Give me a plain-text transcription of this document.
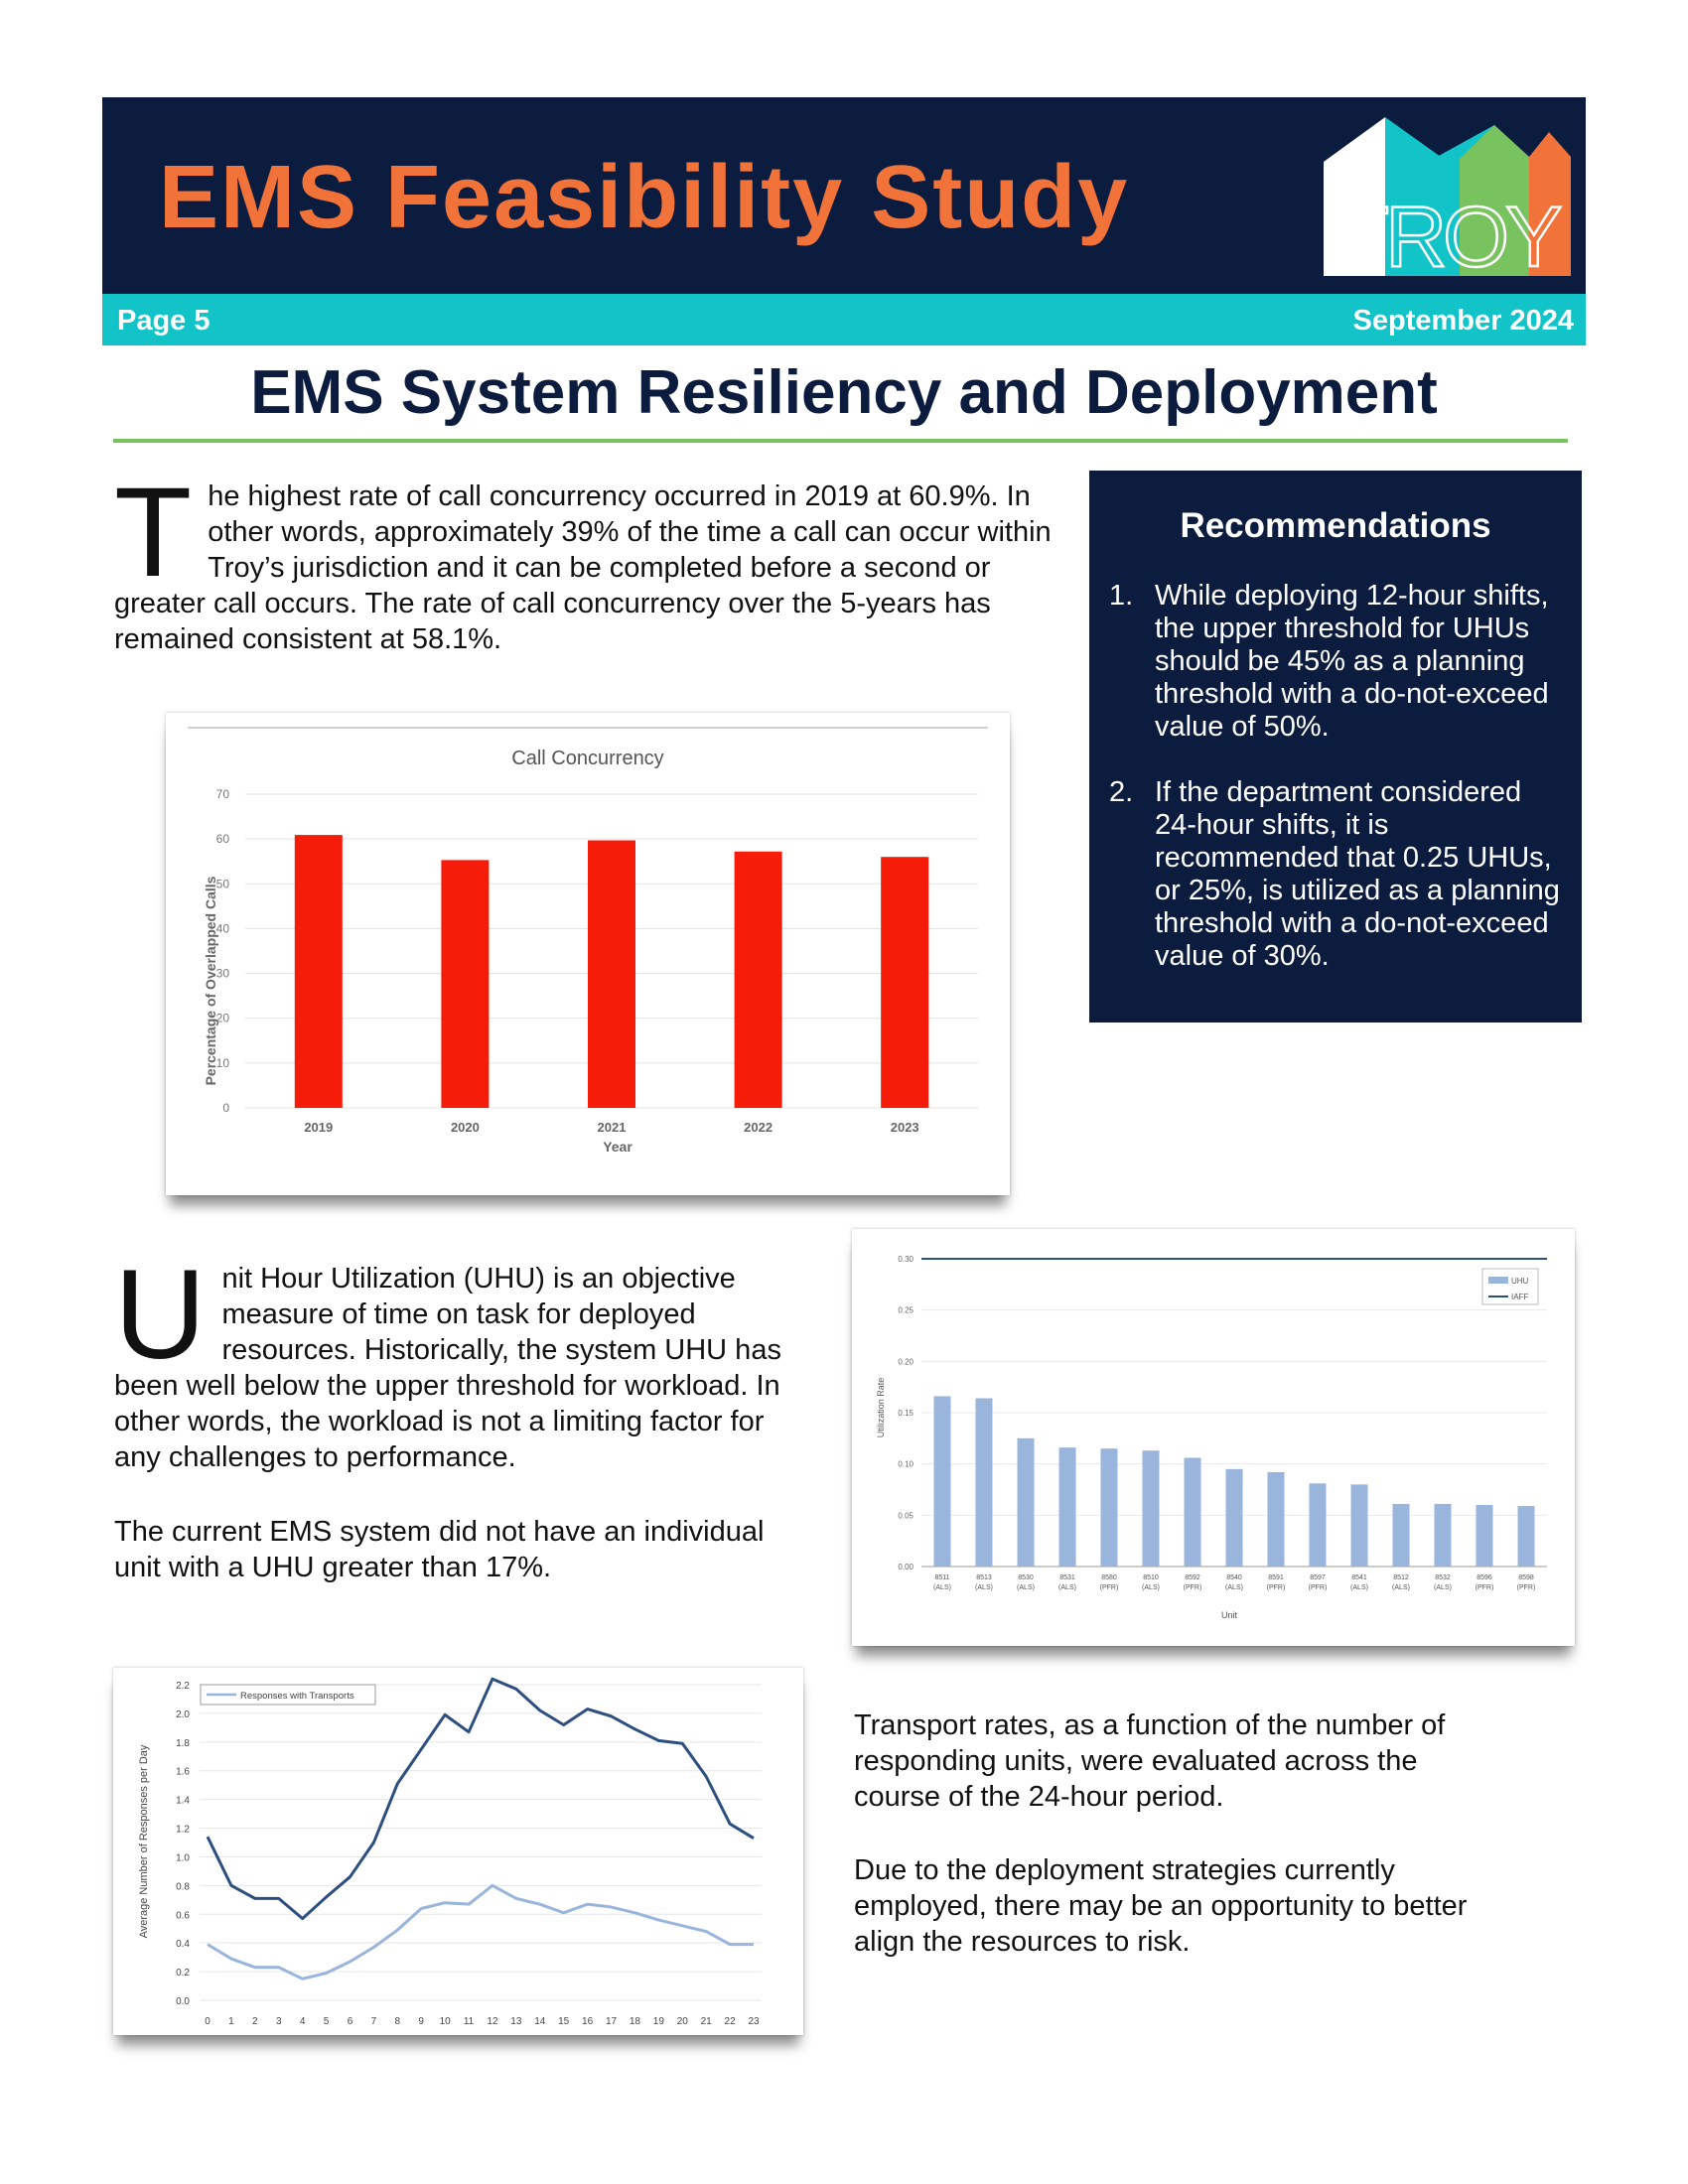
EMS Feasibility Study TROY
Page 5	September 2024
EMS System Resiliency and Deployment
T he highest rate of call concurrency occurred in 2019 at 60.9%. In other words, approximately 39% of the time a call can occur within Troy’s jurisdiction and it can be completed before a second or greater call occurs. The rate of call concurrency over the 5-years has remained consistent at 58.1%.
Recommendations
1. While deploying 12-hour shifts, the upper threshold for UHUs should be 45% as a planning threshold with a do-not-exceed value of 50%.
2. If the department considered 24-hour shifts, it is recommended that 0.25 UHUs, or 25%, is utilized as a planning threshold with a do-not-exceed value of 30%.
Call Concurrency
0
10
20
30
40
50
60
70
2019	2020	2021	2022	2023
Year
Percentage of Overlapped Calls
0.00
0.05
0.10
0.15
0.20
0.25
0.30
8511
(ALS)
8513
(ALS)
8530
(ALS)
8531
(ALS)
8580
(PFR)
8510
(ALS)
8592
(PFR)
8540
(ALS)
8591
(PFR)
8597
(PFR)
8541
(ALS)
8512
(ALS)
8532
(ALS)
8596
(PFR)
8598
(PFR)
Utilization Rate
Unit
UHU
IAFF
0.0
0.2
0.4
0.6
0.8
1.0
1.2
1.4
1.6
1.8
2.0
2.2
0 1 2 3 4 5 6 7 8 9 10 11 12 13 14 15 16 17 18 19 20 21 22 23
Average Number of Responses per Day
Responses with Transports
U nit Hour Utilization (UHU) is an objective measure of time on task for deployed resources. Historically, the system UHU has been well below the upper threshold for workload. In other words, the workload is not a limiting factor for any challenges to performance.
The current EMS system did not have an individual unit with a UHU greater than 17%.
Transport rates, as a function of the number of responding units, were evaluated across the course of the 24-hour period.
Due to the deployment strategies currently employed, there may be an opportunity to better align the resources to risk.
